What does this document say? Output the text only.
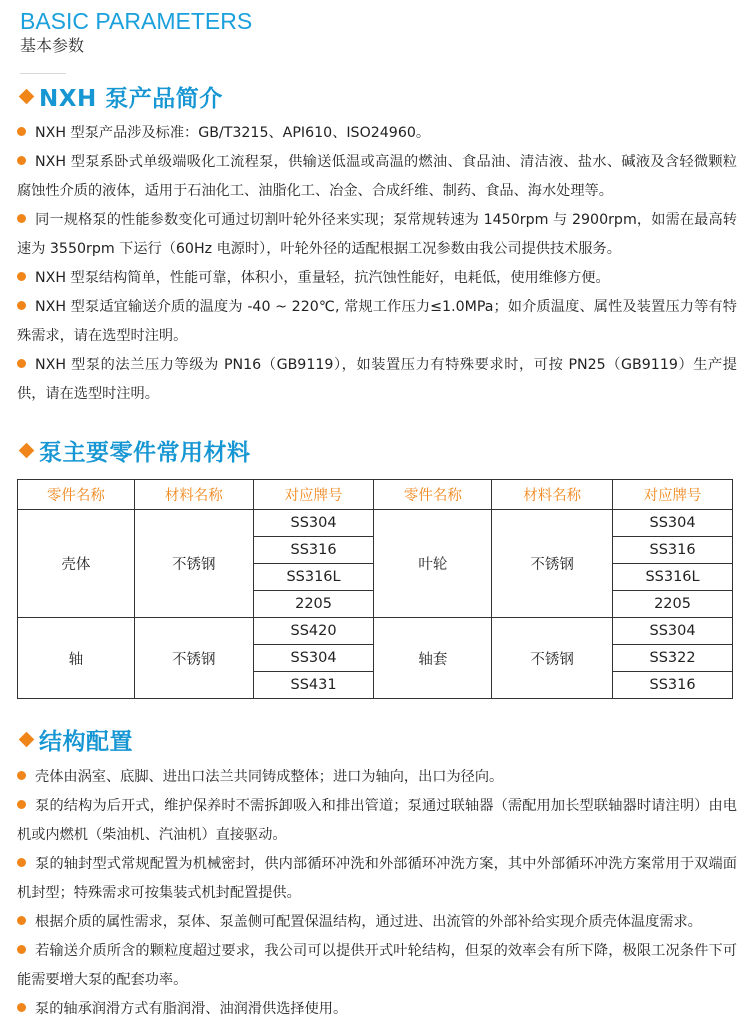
BASIC PARAMETERS
基本参数
NXH 泵产品简介
NXH 型泵产品涉及标准：GB/T3215、API610、ISO24960。
NXH 型泵系卧式单级端吸化工流程泵，供输送低温或高温的燃油、食品油、清洁液、盐水、碱液及含轻微颗粒腐蚀性介质的液体，适用于石油化工、油脂化工、冶金、合成纤维、制药、食品、海水处理等。
同一规格泵的性能参数变化可通过切割叶轮外径来实现；泵常规转速为 1450rpm 与 2900rpm，如需在最高转速为 3550rpm 下运行（60Hz 电源时），叶轮外径的适配根据工况参数由我公司提供技术服务。
NXH 型泵结构简单，性能可靠，体积小，重量轻，抗汽蚀性能好，电耗低，使用维修方便。
NXH 型泵适宜输送介质的温度为 -40 ~ 220℃, 常规工作压力≤1.0MPa；如介质温度、属性及装置压力等有特殊需求，请在选型时注明。
NXH 型泵的法兰压力等级为 PN16（GB9119），如装置压力有特殊要求时，可按 PN25（GB9119）生产提供，请在选型时注明。
泵主要零件常用材料
零件名称	材料名称	对应牌号	零件名称	材料名称	对应牌号
壳体	不锈钢	SS304	叶轮	不锈钢	SS304
		SS316			SS316
		SS316L			SS316L
		2205			2205
轴	不锈钢	SS420	轴套	不锈钢	SS304
		SS304			SS322
		SS431			SS316
结构配置
壳体由涡室、底脚、进出口法兰共同铸成整体；进口为轴向，出口为径向。
泵的结构为后开式，维护保养时不需拆卸吸入和排出管道；泵通过联轴器（需配用加长型联轴器时请注明）由电机或内燃机（柴油机、汽油机）直接驱动。
泵的轴封型式常规配置为机械密封，供内部循环冲洗和外部循环冲洗方案，其中外部循环冲洗方案常用于双端面机封型；特殊需求可按集装式机封配置提供。
根据介质的属性需求，泵体、泵盖侧可配置保温结构，通过进、出流管的外部补给实现介质壳体温度需求。
若输送介质所含的颗粒度超过要求，我公司可以提供开式叶轮结构，但泵的效率会有所下降，极限工况条件下可能需要增大泵的配套功率。
泵的轴承润滑方式有脂润滑、油润滑供选择使用。
